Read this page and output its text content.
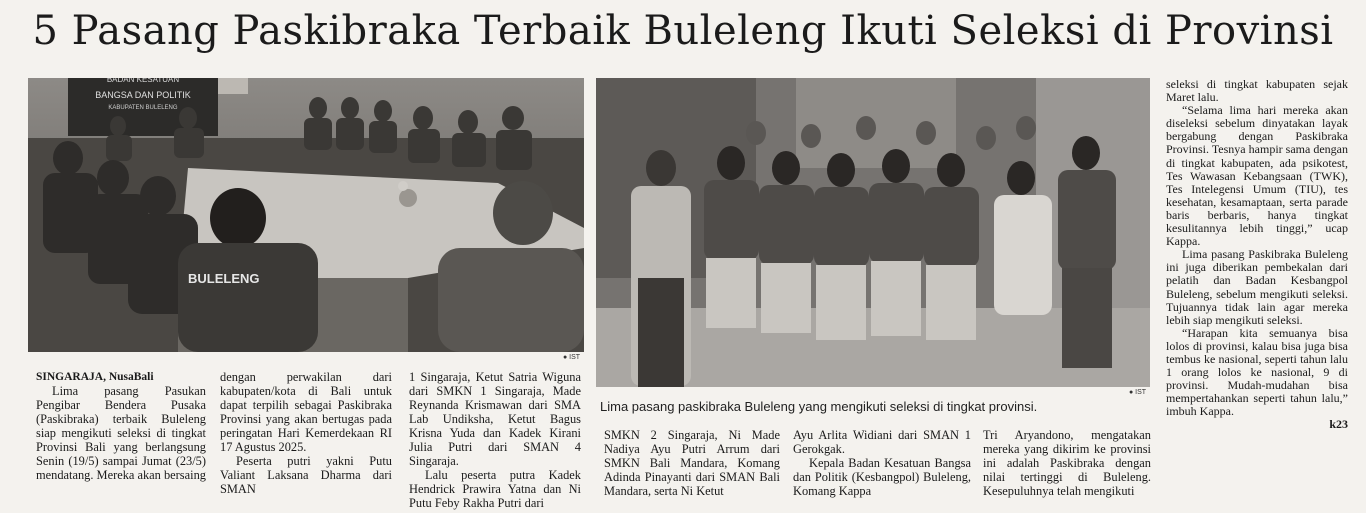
5 Pasang Paskibraka Terbaik Buleleng Ikuti Seleksi di Provinsi
BADAN KESATUAN
BANGSA DAN POLITIK
KABUPATEN BULELENG
BULELENG
● IST
● IST
Lima pasang paskibraka Buleleng yang mengikuti seleksi di tingkat provinsi.

SINGARAJA, NusaBali

Lima pasang Pasukan Pengibar Bendera Pusaka (Paskibraka) terbaik Buleleng siap mengikuti seleksi di tingkat Provinsi Bali yang berlangsung Senin (19/5) sampai Jumat (23/5) mendatang. Mereka akan bersaing

dengan perwakilan dari kabupaten/kota di Bali untuk dapat terpilih sebagai Paskibraka Provinsi yang akan bertugas pada peringatan Hari Kemerdekaan RI 17 Agustus 2025.

Peserta putri yakni Putu Valiant Laksana Dharma dari SMAN

1 Singaraja, Ketut Satria Wiguna dari SMKN 1 Singaraja, Made Reynanda Krismawan dari SMA Lab Undiksha, Ketut Bagus Krisna Yuda dan Kadek Kirani Julia Putri dari SMAN 4 Singaraja.

Lalu peserta putra Kadek Hendrick Prawira Yatna dan Ni Putu Feby Rakha Putri dari

SMKN 2 Singaraja, Ni Made Nadiya Ayu Putri Arrum dari SMKN Bali Mandara, Komang Adinda Pinayanti dari SMAN Bali Mandara, serta Ni Ketut

Ayu Arlita Widiani dari SMAN 1 Gerokgak.

Kepala Badan Kesatuan Bangsa dan Politik (Kesbangpol) Buleleng, Komang Kappa

Tri Aryandono, mengatakan mereka yang dikirim ke provinsi ini adalah Paskibraka dengan nilai tertinggi di Buleleng. Kesepuluhnya telah mengikuti

seleksi di tingkat kabupaten sejak Maret lalu.

“Selama lima hari mereka akan diseleksi sebelum dinyatakan layak bergabung dengan Paskibraka Provinsi. Tesnya hampir sama dengan di tingkat kabupaten, ada psikotest, Tes Wawasan Kebangsaan (TWK), Tes Intelegensi Umum (TIU), tes kesehatan, kesamaptaan, serta parade baris berbaris, hanya tingkat kesulitannya lebih tinggi,” ucap Kappa.

Lima pasang Paskibraka Buleleng ini juga diberikan pembekalan dari pelatih dan Badan Kesbangpol Buleleng, sebelum mengikuti seleksi. Tujuannya tidak lain agar mereka lebih siap mengikuti seleksi.

“Harapan kita semuanya bisa lolos di provinsi, kalau bisa juga bisa tembus ke nasional, seperti tahun lalu 1 orang lolos ke nasional, 9 di provinsi. Mudah-mudahan bisa mempertahankan seperti tahun lalu,” imbuh Kappa.

k23
